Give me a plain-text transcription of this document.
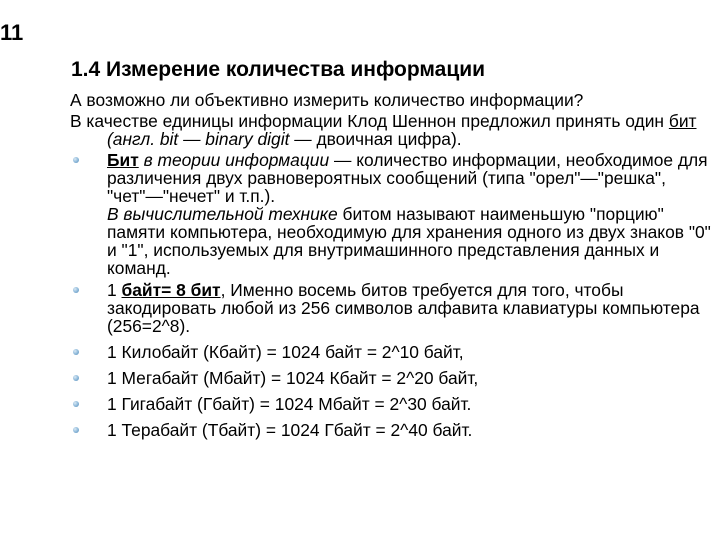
11
1.4 Измерение количества информации

А возможно ли объективно измерить количество информации?

В качестве единицы информации Клод Шеннон предложил принять один бит (англ. bit — binary digit — двоичная цифра).

Бит в теории информации — количество информации, необходимое для различения двух равновероятных сообщений (типа "орел"—"решка", "чет"—"нечет" и т.п.).
В вычислительной технике битом называют наименьшую "порцию" памяти компьютера, необходимую для хранения одного из двух знаков "0" и "1", используемых для внутримашинного представления данных и команд.
1 байт= 8 бит, Именно восемь битов требуется для того, чтобы закодировать любой из 256 символов алфавита клавиатуры компьютера (256=2^8).
1 Килобайт (Кбайт) = 1024 байт = 2^10 байт,
1 Мегабайт (Мбайт) = 1024 Кбайт = 2^20 байт,
1 Гигабайт (Гбайт) = 1024 Мбайт = 2^30 байт.
1 Терабайт (Тбайт) = 1024 Гбайт = 2^40 байт.
